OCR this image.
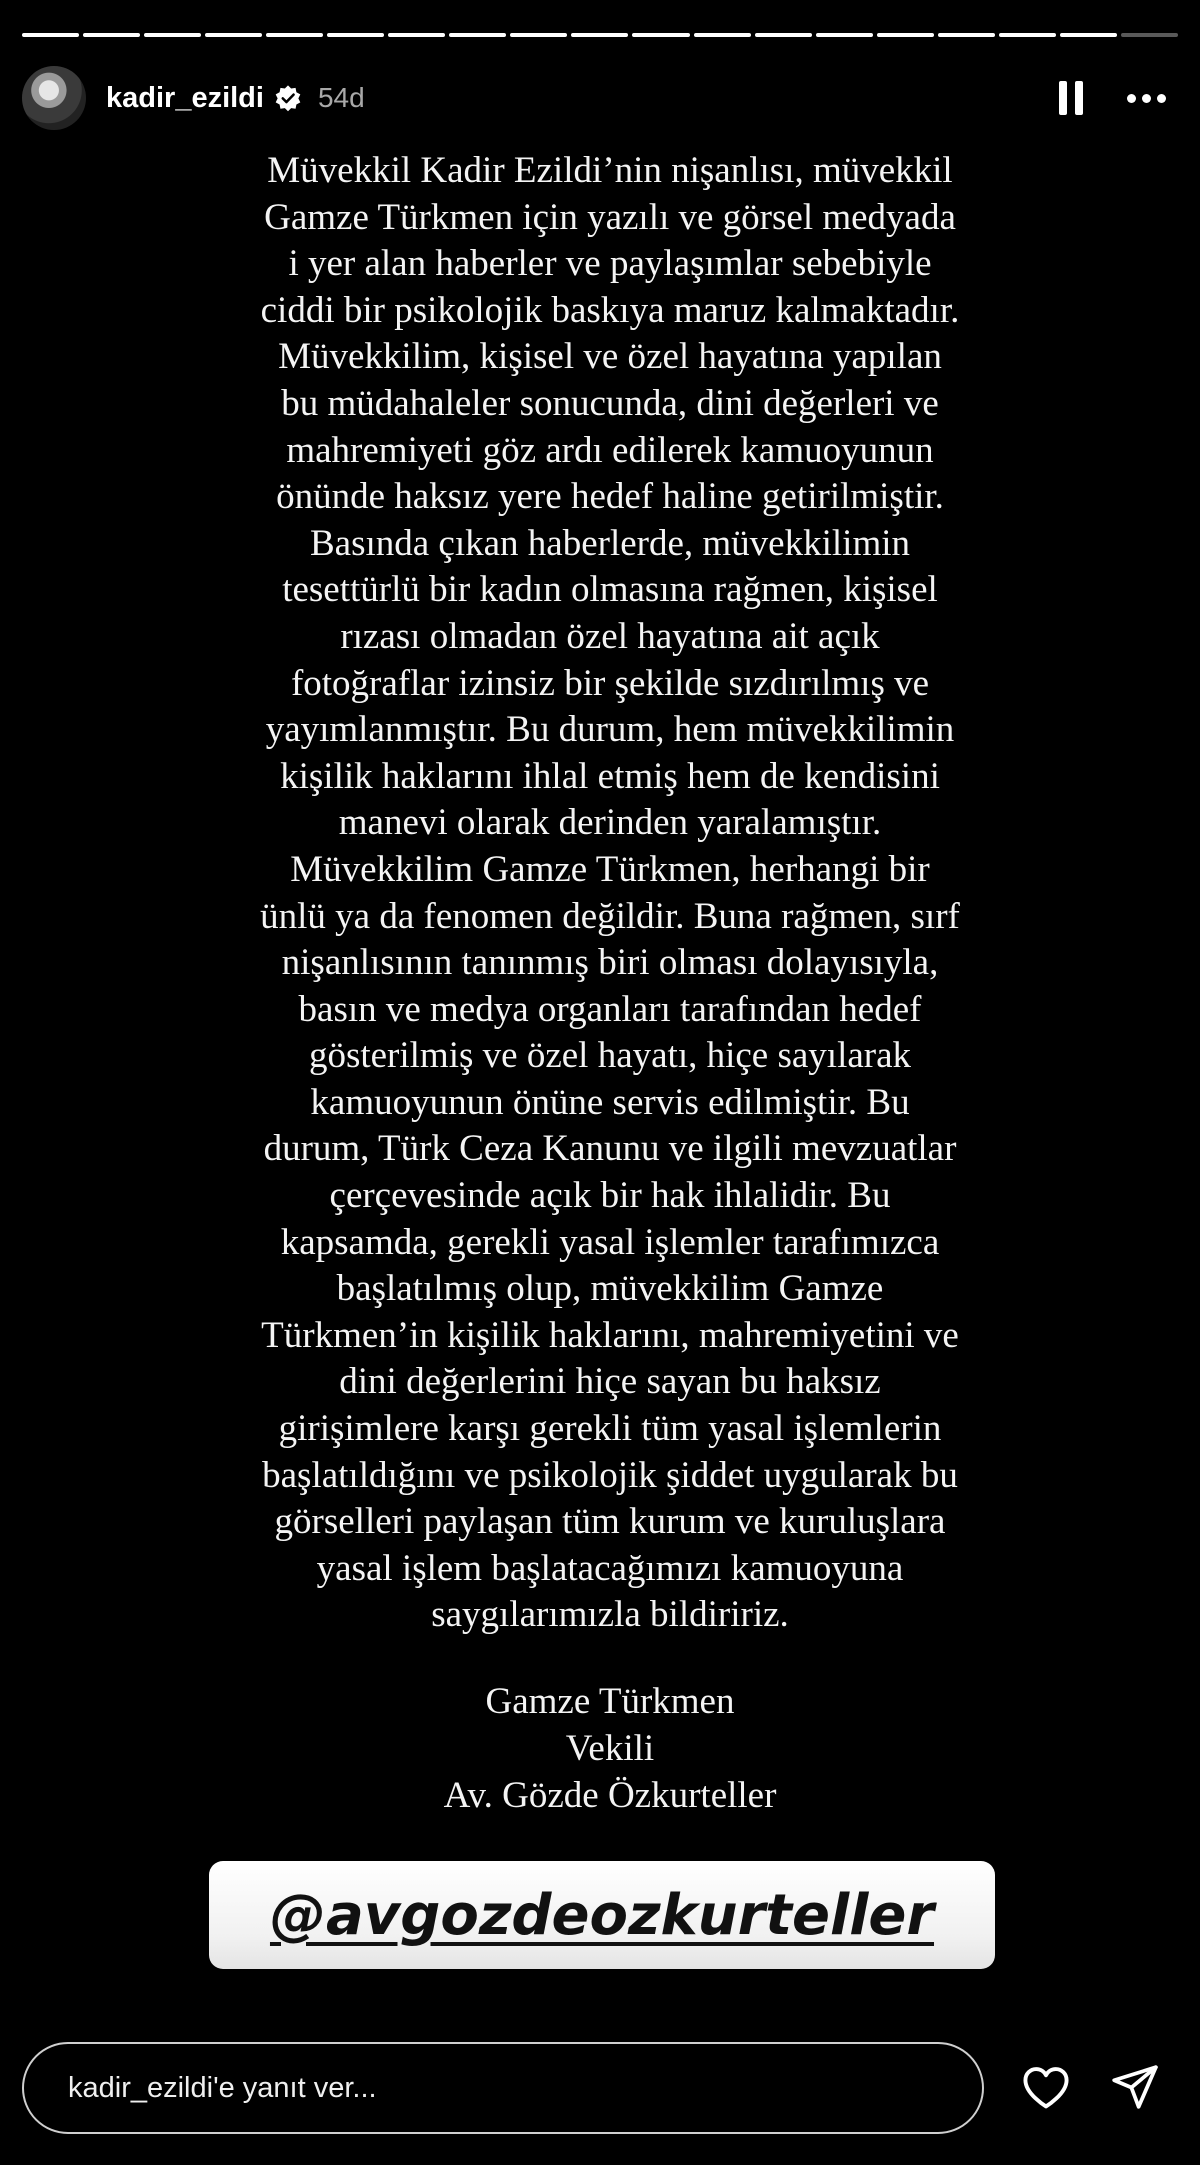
kadir_ezildi 54d
Müvekkil Kadir Ezildi’nin nişanlısı, müvekkil
Gamze Türkmen için yazılı ve görsel medyada
i yer alan haberler ve paylaşımlar sebebiyle
ciddi bir psikolojik baskıya maruz kalmaktadır.
Müvekkilim, kişisel ve özel hayatına yapılan
bu müdahaleler sonucunda, dini değerleri ve
mahremiyeti göz ardı edilerek kamuoyunun
önünde haksız yere hedef haline getirilmiştir.
Basında çıkan haberlerde, müvekkilimin
tesettürlü bir kadın olmasına rağmen, kişisel
rızası olmadan özel hayatına ait açık
fotoğraflar izinsiz bir şekilde sızdırılmış ve
yayımlanmıştır. Bu durum, hem müvekkilimin
kişilik haklarını ihlal etmiş hem de kendisini
manevi olarak derinden yaralamıştır.
Müvekkilim Gamze Türkmen, herhangi bir
ünlü ya da fenomen değildir. Buna rağmen, sırf
nişanlısının tanınmış biri olması dolayısıyla,
basın ve medya organları tarafından hedef
gösterilmiş ve özel hayatı, hiçe sayılarak
kamuoyunun önüne servis edilmiştir. Bu
durum, Türk Ceza Kanunu ve ilgili mevzuatlar
çerçevesinde açık bir hak ihlalidir. Bu
kapsamda, gerekli yasal işlemler tarafımızca
başlatılmış olup, müvekkilim Gamze
Türkmen’in kişilik haklarını, mahremiyetini ve
dini değerlerini hiçe sayan bu haksız
girişimlere karşı gerekli tüm yasal işlemlerin
başlatıldığını ve psikolojik şiddet uygularak bu
görselleri paylaşan tüm kurum ve kuruluşlara
yasal işlem başlatacağımızı kamuoyuna
saygılarımızla bildiririz.
Gamze Türkmen
Vekili
Av. Gözde Özkurteller
@avgozdeozkurteller
kadir_ezildi'e yanıt ver...
